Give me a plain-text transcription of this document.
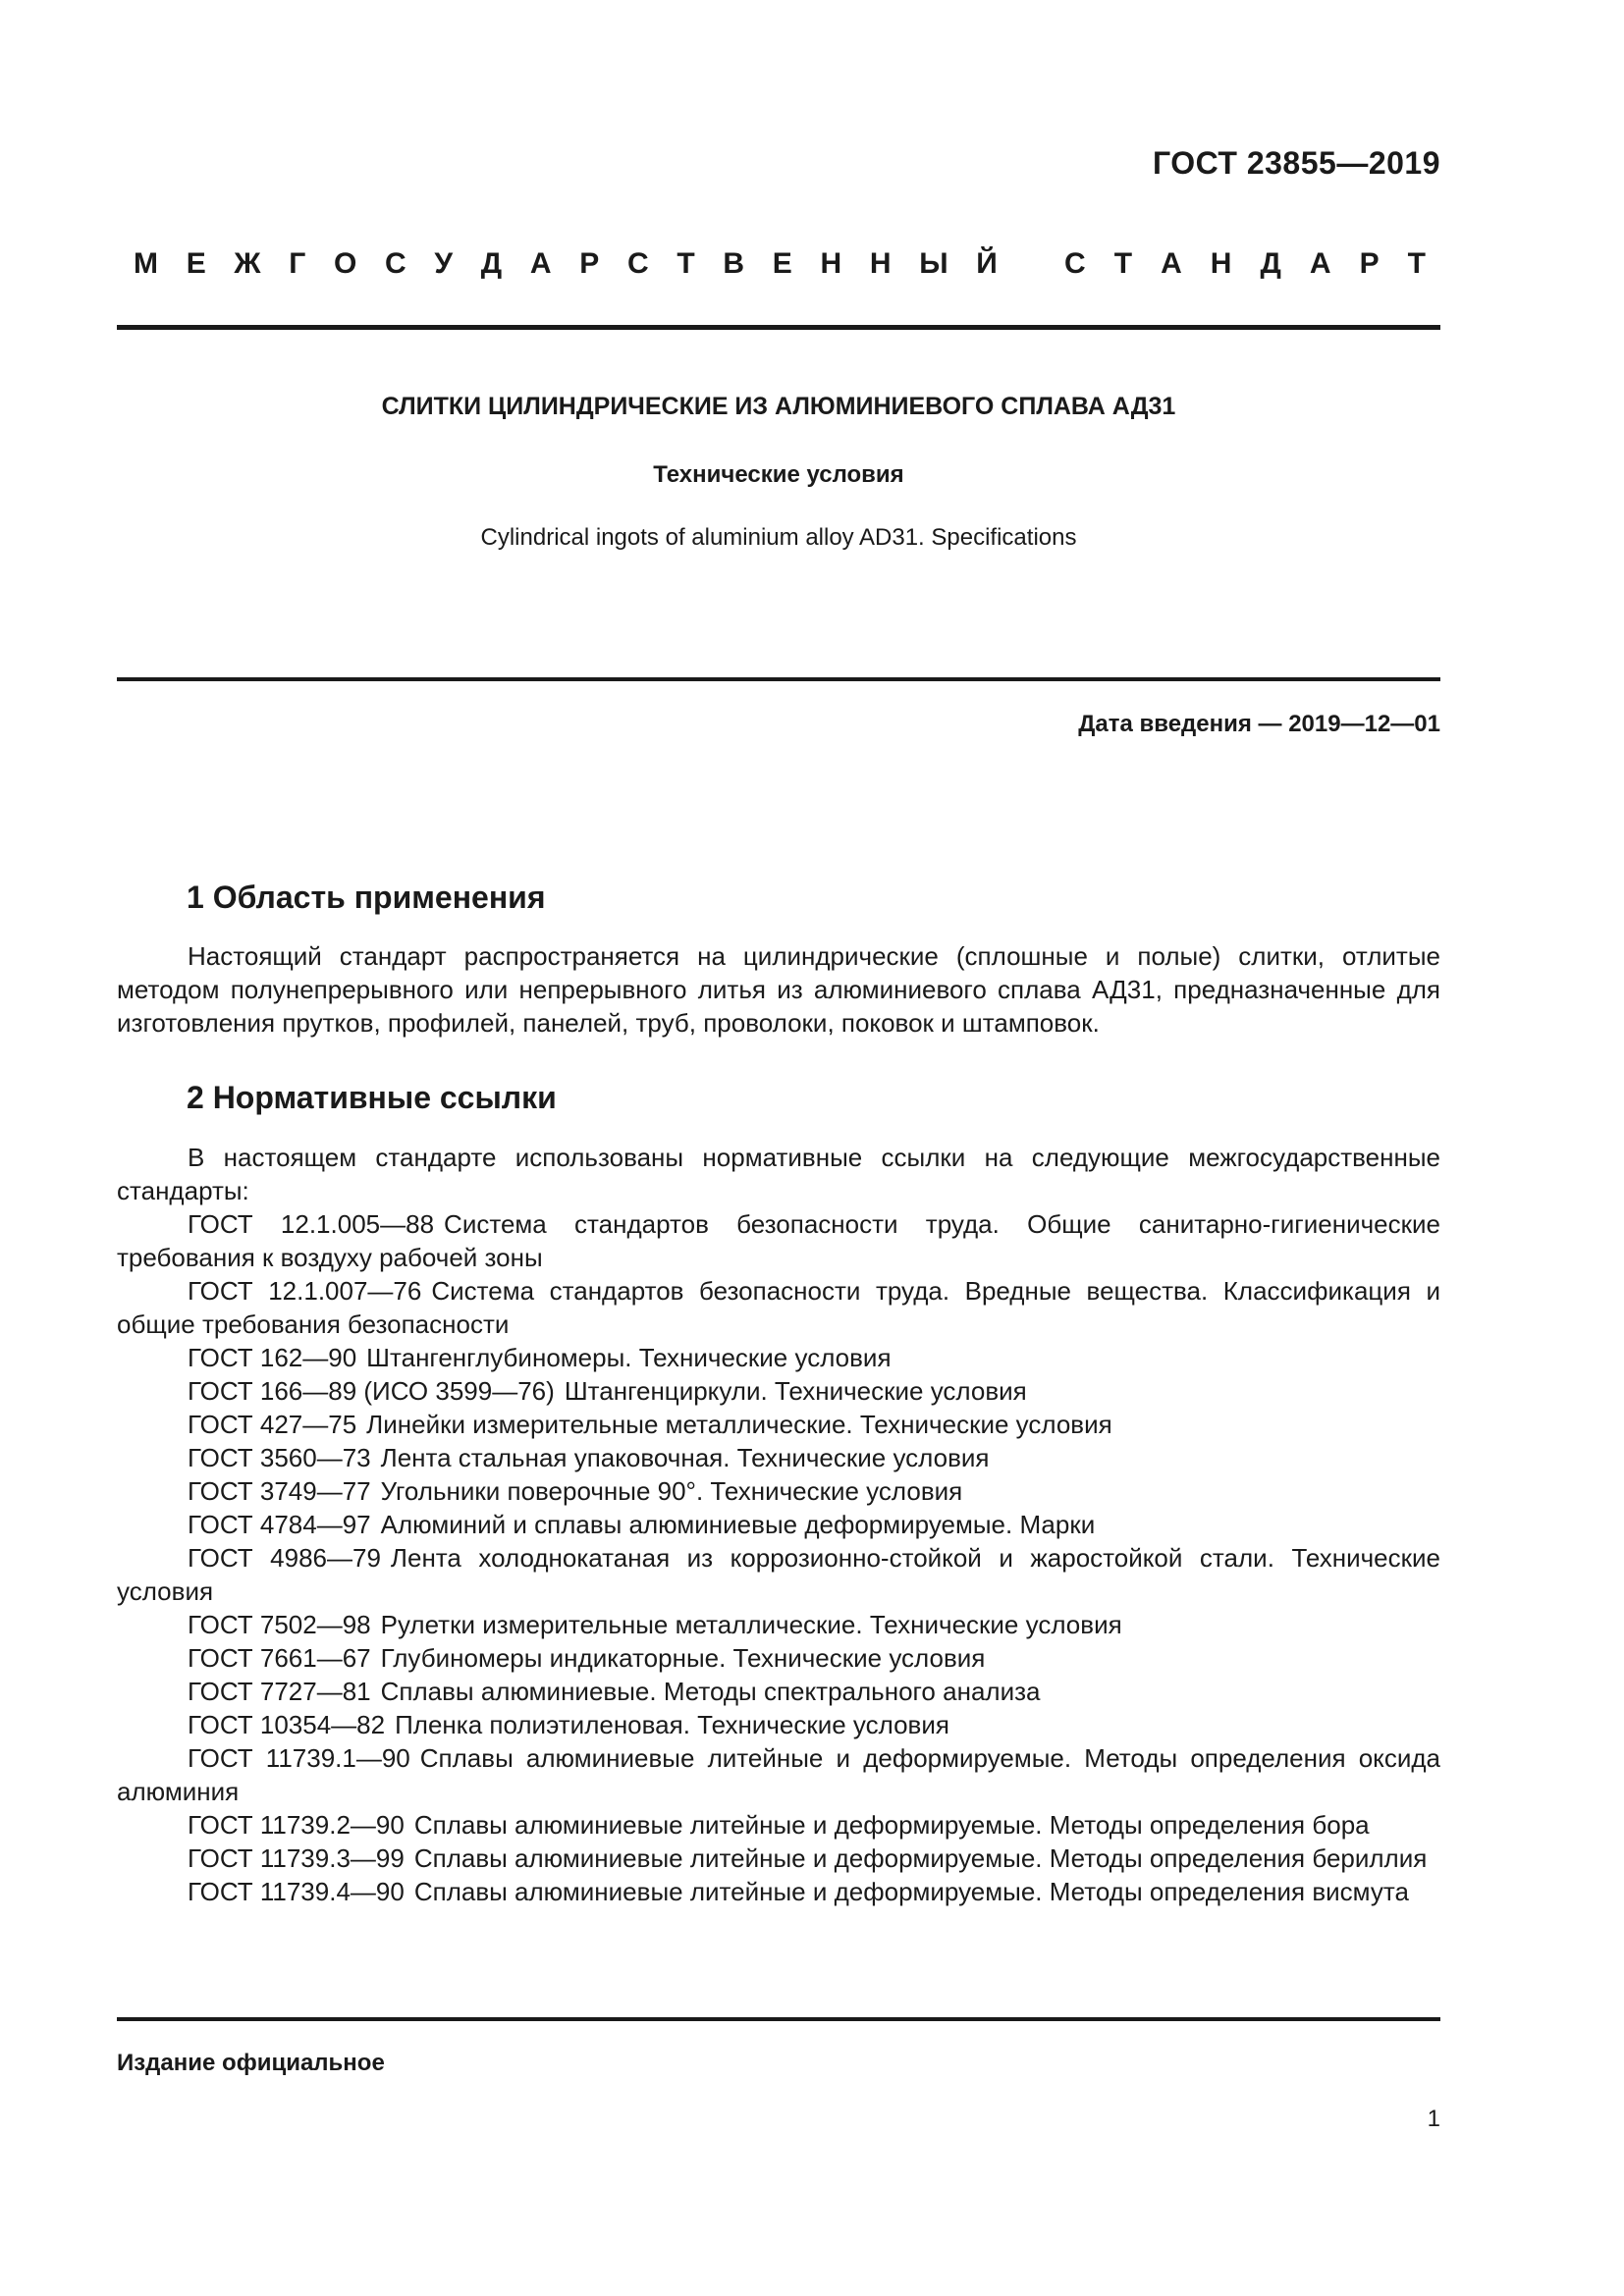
ГОСТ 23855—2019
М Е Ж Г О С У Д А Р С Т В Е Н Н Ы Й С Т А Н Д А Р Т
СЛИТКИ ЦИЛИНДРИЧЕСКИЕ ИЗ АЛЮМИНИЕВОГО СПЛАВА АД31
Технические условия
Cylindrical ingots of aluminium alloy AD31. Specifications
Дата введения — 2019—12—01
1 Область применения

Настоящий стандарт распространяется на цилиндрические (сплошные и полые) слитки, отлитые методом полунепрерывного или непрерывного литья из алюминиевого сплава АД31, предназначенные для изготовления прутков, профилей, панелей, труб, проволоки, поковок и штамповок.

2 Нормативные ссылки

В настоящем стандарте использованы нормативные ссылки на следующие межгосударственные стандарты:

ГОСТ 12.1.005—88 Система стандартов безопасности труда. Общие санитарно-гигиенические требования к воздуху рабочей зоны

ГОСТ 12.1.007—76 Система стандартов безопасности труда. Вредные вещества. Классификация и общие требования безопасности

ГОСТ 162—90 Штангенглубиномеры. Технические условия

ГОСТ 166—89 (ИСО 3599—76) Штангенциркули. Технические условия

ГОСТ 427—75 Линейки измерительные металлические. Технические условия

ГОСТ 3560—73 Лента стальная упаковочная. Технические условия

ГОСТ 3749—77 Угольники поверочные 90°. Технические условия

ГОСТ 4784—97 Алюминий и сплавы алюминиевые деформируемые. Марки

ГОСТ 4986—79 Лента холоднокатаная из коррозионно-стойкой и жаростойкой стали. Технические условия

ГОСТ 7502—98 Рулетки измерительные металлические. Технические условия

ГОСТ 7661—67 Глубиномеры индикаторные. Технические условия

ГОСТ 7727—81 Сплавы алюминиевые. Методы спектрального анализа

ГОСТ 10354—82 Пленка полиэтиленовая. Технические условия

ГОСТ 11739.1—90 Сплавы алюминиевые литейные и деформируемые. Методы определения оксида алюминия

ГОСТ 11739.2—90 Сплавы алюминиевые литейные и деформируемые. Методы определения бора

ГОСТ 11739.3—99 Сплавы алюминиевые литейные и деформируемые. Методы определения бериллия

ГОСТ 11739.4—90 Сплавы алюминиевые литейные и деформируемые. Методы определения висмута

Издание официальное
1
